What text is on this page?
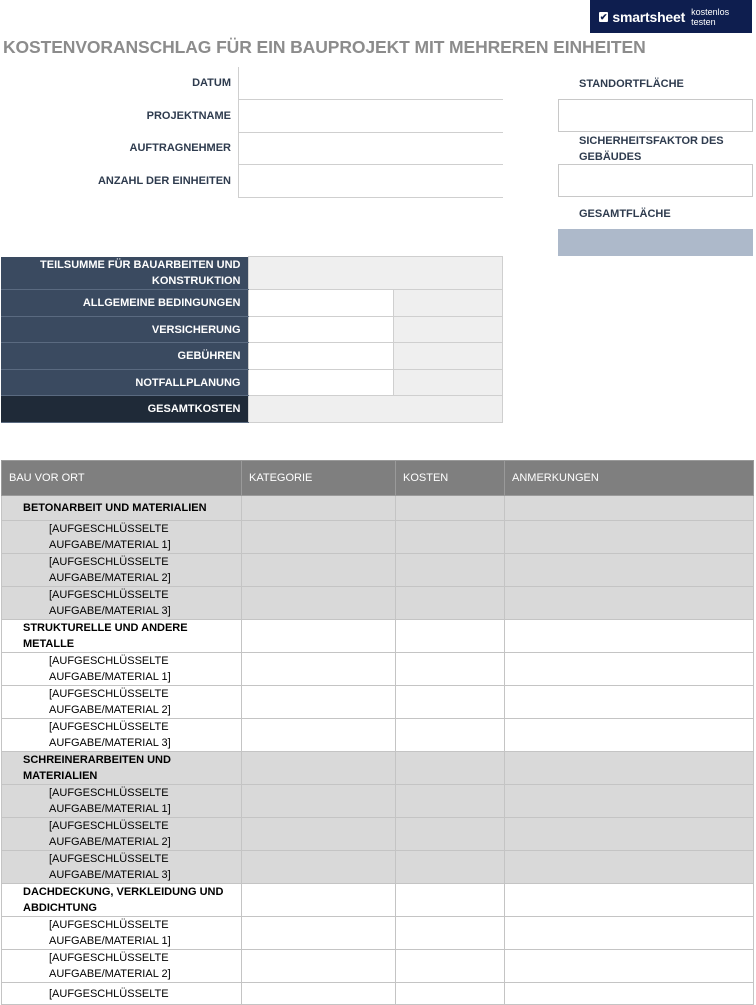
✔ smartsheet kostenlos testen
KOSTENVORANSCHLAG FÜR EIN BAUPROJEKT MIT MEHREREN EINHEITEN
DATUM
PROJEKTNAME
AUFTRAGNEHMER
ANZAHL DER EINHEITEN
STANDORTFLÄCHE
SICHERHEITSFAKTOR DES GEBÄUDES
GESAMTFLÄCHE
TEILSUMME FÜR BAUARBEITEN UND KONSTRUKTION		
ALLGEMEINE BEDINGUNGEN		
VERSICHERUNG		
GEBÜHREN		
NOTFALLPLANUNG		
GESAMTKOSTEN		
BAU VOR ORT	KATEGORIE	KOSTEN	ANMERKUNGEN
BETONARBEIT UND MATERIALIEN			
[AUFGESCHLÜSSELTE AUFGABE/MATERIAL 1]			
[AUFGESCHLÜSSELTE AUFGABE/MATERIAL 2]			
[AUFGESCHLÜSSELTE AUFGABE/MATERIAL 3]			
STRUKTURELLE UND ANDERE METALLE			
[AUFGESCHLÜSSELTE AUFGABE/MATERIAL 1]			
[AUFGESCHLÜSSELTE AUFGABE/MATERIAL 2]			
[AUFGESCHLÜSSELTE AUFGABE/MATERIAL 3]			
SCHREINERARBEITEN UND MATERIALIEN			
[AUFGESCHLÜSSELTE AUFGABE/MATERIAL 1]			
[AUFGESCHLÜSSELTE AUFGABE/MATERIAL 2]			
[AUFGESCHLÜSSELTE AUFGABE/MATERIAL 3]			
DACHDECKUNG, VERKLEIDUNG UND ABDICHTUNG			
[AUFGESCHLÜSSELTE AUFGABE/MATERIAL 1]			
[AUFGESCHLÜSSELTE AUFGABE/MATERIAL 2]			
[AUFGESCHLÜSSELTE			
